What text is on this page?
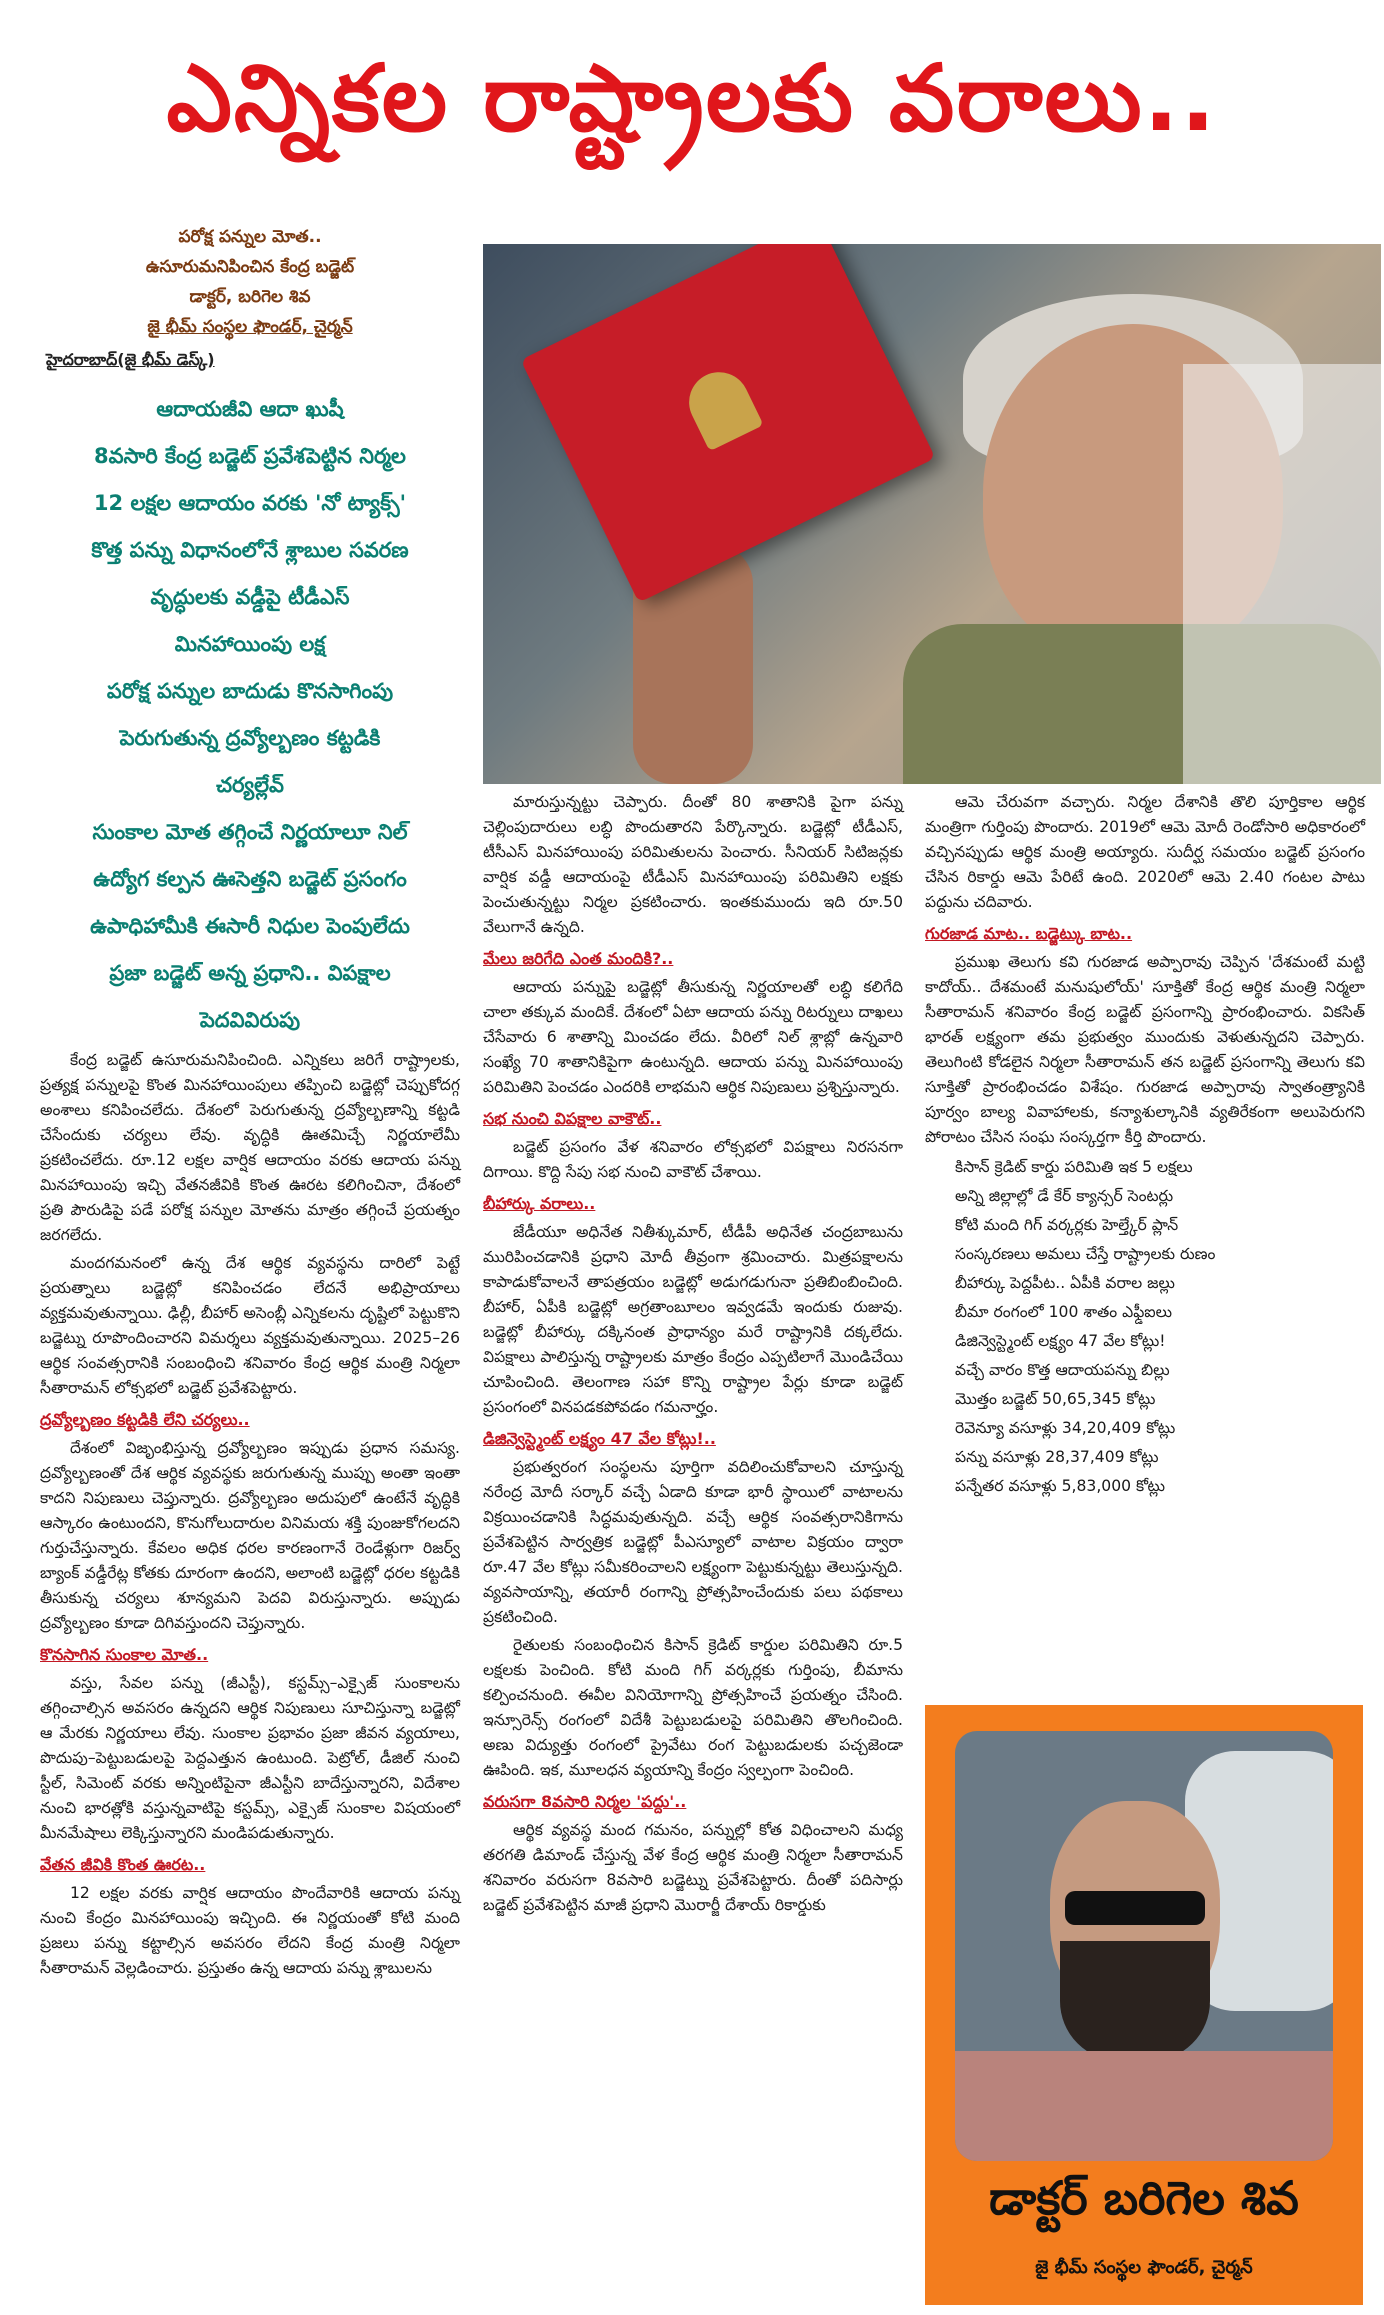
ఎన్నికల రాష్ట్రాలకు వరాలు..
పరోక్ష పన్నుల మోత..
ఉసూరుమనిపించిన కేంద్ర బడ్జెట్
డాక్టర్, బరిగెల శివ
జై భీమ్ సంస్థల ఫౌండర్, చైర్మన్
హైదరాబాద్(జై భీమ్ డెస్క్)
ఆదాయజీవి ఆదా ఖుషీ
8వసారి కేంద్ర బడ్జెట్ ప్రవేశపెట్టిన నిర్మల
12 లక్షల ఆదాయం వరకు 'నో ట్యాక్స్'
కొత్త పన్ను విధానంలోనే శ్లాబుల సవరణ
వృద్ధులకు వడ్డీపై టీడీఎస్
మినహాయింపు లక్ష
పరోక్ష పన్నుల బాదుడు కొనసాగింపు
పెరుగుతున్న ద్రవ్యోల్బణం కట్టడికి
చర్యల్లేవ్
సుంకాల మోత తగ్గించే నిర్ణయాలూ నిల్
ఉద్యోగ కల్పన ఊసెత్తని బడ్జెట్ ప్రసంగం
ఉపాధిహామీకి ఈసారీ నిధుల పెంపులేదు
ప్రజా బడ్జెట్ అన్న ప్రధాని.. విపక్షాల
పెదవివిరుపు

కేంద్ర బడ్జెట్ ఉసూరుమనిపించింది. ఎన్నికలు జరిగే రాష్ట్రాలకు, ప్రత్యక్ష పన్నులపై కొంత మినహాయింపులు తప్పించి బడ్జెట్లో చెప్పుకోదగ్గ అంశాలు కనిపించలేదు. దేశంలో పెరుగుతున్న ద్రవ్యోల్బణాన్ని కట్టడి చేసేందుకు చర్యలు లేవు. వృద్ధికి ఊతమిచ్చే నిర్ణయాలేమీ ప్రకటించలేదు. రూ.12 లక్షల వార్షిక ఆదాయం వరకు ఆదాయ పన్ను మినహాయింపు ఇచ్చి వేతనజీవికి కొంత ఊరట కలిగించినా, దేశంలో ప్రతి పౌరుడిపై పడే పరోక్ష పన్నుల మోతను మాత్రం తగ్గించే ప్రయత్నం జరగలేదు.

మందగమనంలో ఉన్న దేశ ఆర్థిక వ్యవస్థను దారిలో పెట్టే ప్రయత్నాలు బడ్జెట్లో కనిపించడం లేదనే అభిప్రాయాలు వ్యక్తమవుతున్నాయి. ఢిల్లీ, బీహార్ అసెంబ్లీ ఎన్నికలను దృష్టిలో పెట్టుకొని బడ్జెట్ను రూపొందించారని విమర్శలు వ్యక్తమవుతున్నాయి. 2025–26 ఆర్థిక సంవత్సరానికి సంబంధించి శనివారం కేంద్ర ఆర్థిక మంత్రి నిర్మలా సీతారామన్ లోక్సభలో బడ్జెట్ ప్రవేశపెట్టారు.

ద్రవ్యోల్బణం కట్టడికి లేని చర్యలు..

దేశంలో విజృంభిస్తున్న ద్రవ్యోల్బణం ఇప్పుడు ప్రధాన సమస్య. ద్రవ్యోల్బణంతో దేశ ఆర్థిక వ్యవస్థకు జరుగుతున్న ముప్పు అంతా ఇంతా కాదని నిపుణులు చెప్తున్నారు. ద్రవ్యోల్బణం అదుపులో ఉంటేనే వృద్ధికి ఆస్కారం ఉంటుందని, కొనుగోలుదారుల వినిమయ శక్తి పుంజుకోగలదని గుర్తుచేస్తున్నారు. కేవలం అధిక ధరల కారణంగానే రెండేళ్లుగా రిజర్వ్ బ్యాంక్ వడ్డీరేట్ల కోతకు దూరంగా ఉందని, అలాంటి బడ్జెట్లో ధరల కట్టడికి తీసుకున్న చర్యలు శూన్యమని పెదవి విరుస్తున్నారు. అప్పుడు ద్రవ్యోల్బణం కూడా దిగివస్తుందని చెప్తున్నారు.

కొనసాగిన సుంకాల మోత..

వస్తు, సేవల పన్ను (జీఎస్టీ), కస్టమ్స్–ఎక్సైజ్ సుంకాలను తగ్గించాల్సిన అవసరం ఉన్నదని ఆర్థిక నిపుణులు సూచిస్తున్నా బడ్జెట్లో ఆ మేరకు నిర్ణయాలు లేవు. సుంకాల ప్రభావం ప్రజా జీవన వ్యయాలు, పొదుపు–పెట్టుబడులపై పెద్దఎత్తున ఉంటుంది. పెట్రోల్, డీజిల్ నుంచి స్టీల్, సిమెంట్ వరకు అన్నింటిపైనా జీఎస్టీని బాదేస్తున్నారని, విదేశాల నుంచి భారత్లోకి వస్తున్నవాటిపై కస్టమ్స్, ఎక్సైజ్ సుంకాల విషయంలో మీనమేషాలు లెక్కిస్తున్నారని మండిపడుతున్నారు.

వేతన జీవికి కొంత ఊరట..

12 లక్షల వరకు వార్షిక ఆదాయం పొందేవారికి ఆదాయ పన్ను నుంచి కేంద్రం మినహాయింపు ఇచ్చింది. ఈ నిర్ణయంతో కోటి మంది ప్రజలు పన్ను కట్టాల్సిన అవసరం లేదని కేంద్ర మంత్రి నిర్మలా సీతారామన్ వెల్లడించారు. ప్రస్తుతం ఉన్న ఆదాయ పన్ను శ్లాబులను

మారుస్తున్నట్టు చెప్పారు. దీంతో 80 శాతానికి పైగా పన్ను చెల్లింపుదారులు లబ్ధి పొందుతారని పేర్కొన్నారు. బడ్జెట్లో టీడీఎస్, టీసీఎస్ మినహాయింపు పరిమితులను పెంచారు. సీనియర్ సిటిజన్లకు వార్షిక వడ్డీ ఆదాయంపై టీడీఎస్ మినహాయింపు పరిమితిని లక్షకు పెంచుతున్నట్టు నిర్మల ప్రకటించారు. ఇంతకుముందు ఇది రూ.50 వేలుగానే ఉన్నది.

మేలు జరిగేది ఎంత మందికి?..

ఆదాయ పన్నుపై బడ్జెట్లో తీసుకున్న నిర్ణయాలతో లబ్ధి కలిగేది చాలా తక్కువ మందికే. దేశంలో ఏటా ఆదాయ పన్ను రిటర్నులు దాఖలు చేసేవారు 6 శాతాన్ని మించడం లేదు. వీరిలో నిల్ శ్లాబ్లో ఉన్నవారి సంఖ్యే 70 శాతానికిపైగా ఉంటున్నది. ఆదాయ పన్ను మినహాయింపు పరిమితిని పెంచడం ఎందరికి లాభమని ఆర్థిక నిపుణులు ప్రశ్నిస్తున్నారు.

సభ నుంచి విపక్షాల వాకౌట్..

బడ్జెట్ ప్రసంగం వేళ శనివారం లోక్సభలో విపక్షాలు నిరసనగా దిగాయి. కొద్ది సేపు సభ నుంచి వాకౌట్ చేశాయి.

బీహార్కు వరాలు..

జేడీయూ అధినేత నితీశ్కుమార్, టీడీపీ అధినేత చంద్రబాబును మురిపించడానికి ప్రధాని మోదీ తీవ్రంగా శ్రమించారు. మిత్రపక్షాలను కాపాడుకోవాలనే తాపత్రయం బడ్జెట్లో అడుగడుగునా ప్రతిబింబించింది. బీహార్, ఏపీకి బడ్జెట్లో అగ్రతాంబూలం ఇవ్వడమే ఇందుకు రుజువు. బడ్జెట్లో బీహార్కు దక్కినంత ప్రాధాన్యం మరే రాష్ట్రానికి దక్కలేదు. విపక్షాలు పాలిస్తున్న రాష్ట్రాలకు మాత్రం కేంద్రం ఎప్పటిలాగే మొండిచేయి చూపించింది. తెలంగాణ సహా కొన్ని రాష్ట్రాల పేర్లు కూడా బడ్జెట్ ప్రసంగంలో వినపడకపోవడం గమనార్హం.

డిజిన్వెస్ట్మెంట్ లక్ష్యం 47 వేల కోట్లు!..

ప్రభుత్వరంగ సంస్థలను పూర్తిగా వదిలించుకోవాలని చూస్తున్న నరేంద్ర మోదీ సర్కార్ వచ్చే ఏడాది కూడా భారీ స్థాయిలో వాటాలను విక్రయించడానికి సిద్ధమవుతున్నది. వచ్చే ఆర్థిక సంవత్సరానికిగాను ప్రవేశపెట్టిన సార్వత్రిక బడ్జెట్లో పీఎస్యూలో వాటాల విక్రయం ద్వారా రూ.47 వేల కోట్లు సమీకరించాలని లక్ష్యంగా పెట్టుకున్నట్టు తెలుస్తున్నది. వ్యవసాయాన్ని, తయారీ రంగాన్ని ప్రోత్సహించేందుకు పలు పథకాలు ప్రకటించింది.

రైతులకు సంబంధించిన కిసాన్ క్రెడిట్ కార్డుల పరిమితిని రూ.5 లక్షలకు పెంచింది. కోటి మంది గిగ్ వర్కర్లకు గుర్తింపు, బీమాను కల్పించనుంది. ఈవీల వినియోగాన్ని ప్రోత్సహించే ప్రయత్నం చేసింది. ఇన్సూరెన్స్ రంగంలో విదేశీ పెట్టుబడులపై పరిమితిని తొలగించింది. అణు విద్యుత్తు రంగంలో ప్రైవేటు రంగ పెట్టుబడులకు పచ్చజెండా ఊపింది. ఇక, మూలధన వ్యయాన్ని కేంద్రం స్వల్పంగా పెంచింది.

వరుసగా 8వసారి నిర్మల 'పద్దు'..

ఆర్థిక వ్యవస్థ మంద గమనం, పన్నుల్లో కోత విధించాలని మధ్య తరగతి డిమాండ్ చేస్తున్న వేళ కేంద్ర ఆర్థిక మంత్రి నిర్మలా సీతారామన్ శనివారం వరుసగా 8వసారి బడ్జెట్ను ప్రవేశపెట్టారు. దీంతో పదిసార్లు బడ్జెట్ ప్రవేశపెట్టిన మాజీ ప్రధాని మొరార్జీ దేశాయ్ రికార్డుకు

ఆమె చేరువగా వచ్చారు. నిర్మల దేశానికి తొలి పూర్తికాల ఆర్థిక మంత్రిగా గుర్తింపు పొందారు. 2019లో ఆమె మోదీ రెండోసారి అధికారంలో వచ్చినప్పుడు ఆర్థిక మంత్రి అయ్యారు. సుదీర్ఘ సమయం బడ్జెట్ ప్రసంగం చేసిన రికార్డు ఆమె పేరిటే ఉంది. 2020లో ఆమె 2.40 గంటల పాటు పద్దును చదివారు.

గురజాడ మాట.. బడ్జెట్కు బాట..

ప్రముఖ తెలుగు కవి గురజాడ అప్పారావు చెప్పిన 'దేశమంటే మట్టి కాదోయ్.. దేశమంటే మనుషులోయ్' సూక్తితో కేంద్ర ఆర్థిక మంత్రి నిర్మలా సీతారామన్ శనివారం కేంద్ర బడ్జెట్ ప్రసంగాన్ని ప్రారంభించారు. వికసిత్ భారత్ లక్ష్యంగా తమ ప్రభుత్వం ముందుకు వెళుతున్నదని చెప్పారు. తెలుగింటి కోడలైన నిర్మలా సీతారామన్ తన బడ్జెట్ ప్రసంగాన్ని తెలుగు కవి సూక్తితో ప్రారంభించడం విశేషం. గురజాడ అప్పారావు స్వాతంత్ర్యానికి పూర్వం బాల్య వివాహాలకు, కన్యాశుల్కానికి వ్యతిరేకంగా అలుపెరుగని పోరాటం చేసిన సంఘ సంస్కర్తగా కీర్తి పొందారు.

కిసాన్ క్రెడిట్ కార్డు పరిమితి ఇక 5 లక్షలు
అన్ని జిల్లాల్లో డే కేర్ క్యాన్సర్ సెంటర్లు
కోటి మంది గిగ్ వర్కర్లకు హెల్త్కేర్ ప్లాన్
సంస్కరణలు అమలు చేస్తే రాష్ట్రాలకు రుణం
బీహార్కు పెద్దపీట.. ఏపీకి వరాల జల్లు
బీమా రంగంలో 100 శాతం ఎఫ్డీఐలు
డిజిన్వెస్ట్మెంట్ లక్ష్యం 47 వేల కోట్లు!
వచ్చే వారం కొత్త ఆదాయపన్ను బిల్లు
మొత్తం బడ్జెట్ 50,65,345 కోట్లు
రెవెన్యూ వసూళ్లు 34,20,409 కోట్లు
పన్ను వసూళ్లు 28,37,409 కోట్లు
పన్నేతర వసూళ్లు 5,83,000 కోట్లు
డాక్టర్ బరిగెల శివ
జై భీమ్ సంస్థల ఫౌండర్, చైర్మన్
